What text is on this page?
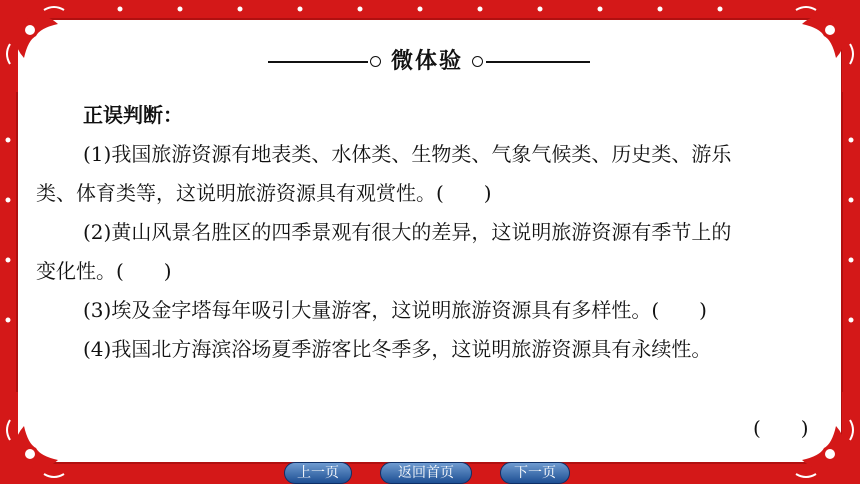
微体验
正误判断：
(1)我国旅游资源有地表类、水体类、生物类、气象气候类、历史类、游乐
类、体育类等，这说明旅游资源具有观赏性。(　　)
(2)黄山风景名胜区的四季景观有很大的差异，这说明旅游资源有季节上的
变化性。(　　)
(3)埃及金字塔每年吸引大量游客，这说明旅游资源具有多样性。(　　)
(4)我国北方海滨浴场夏季游客比冬季多，这说明旅游资源具有永续性。
(　　)
上一页	返回首页	下一页
